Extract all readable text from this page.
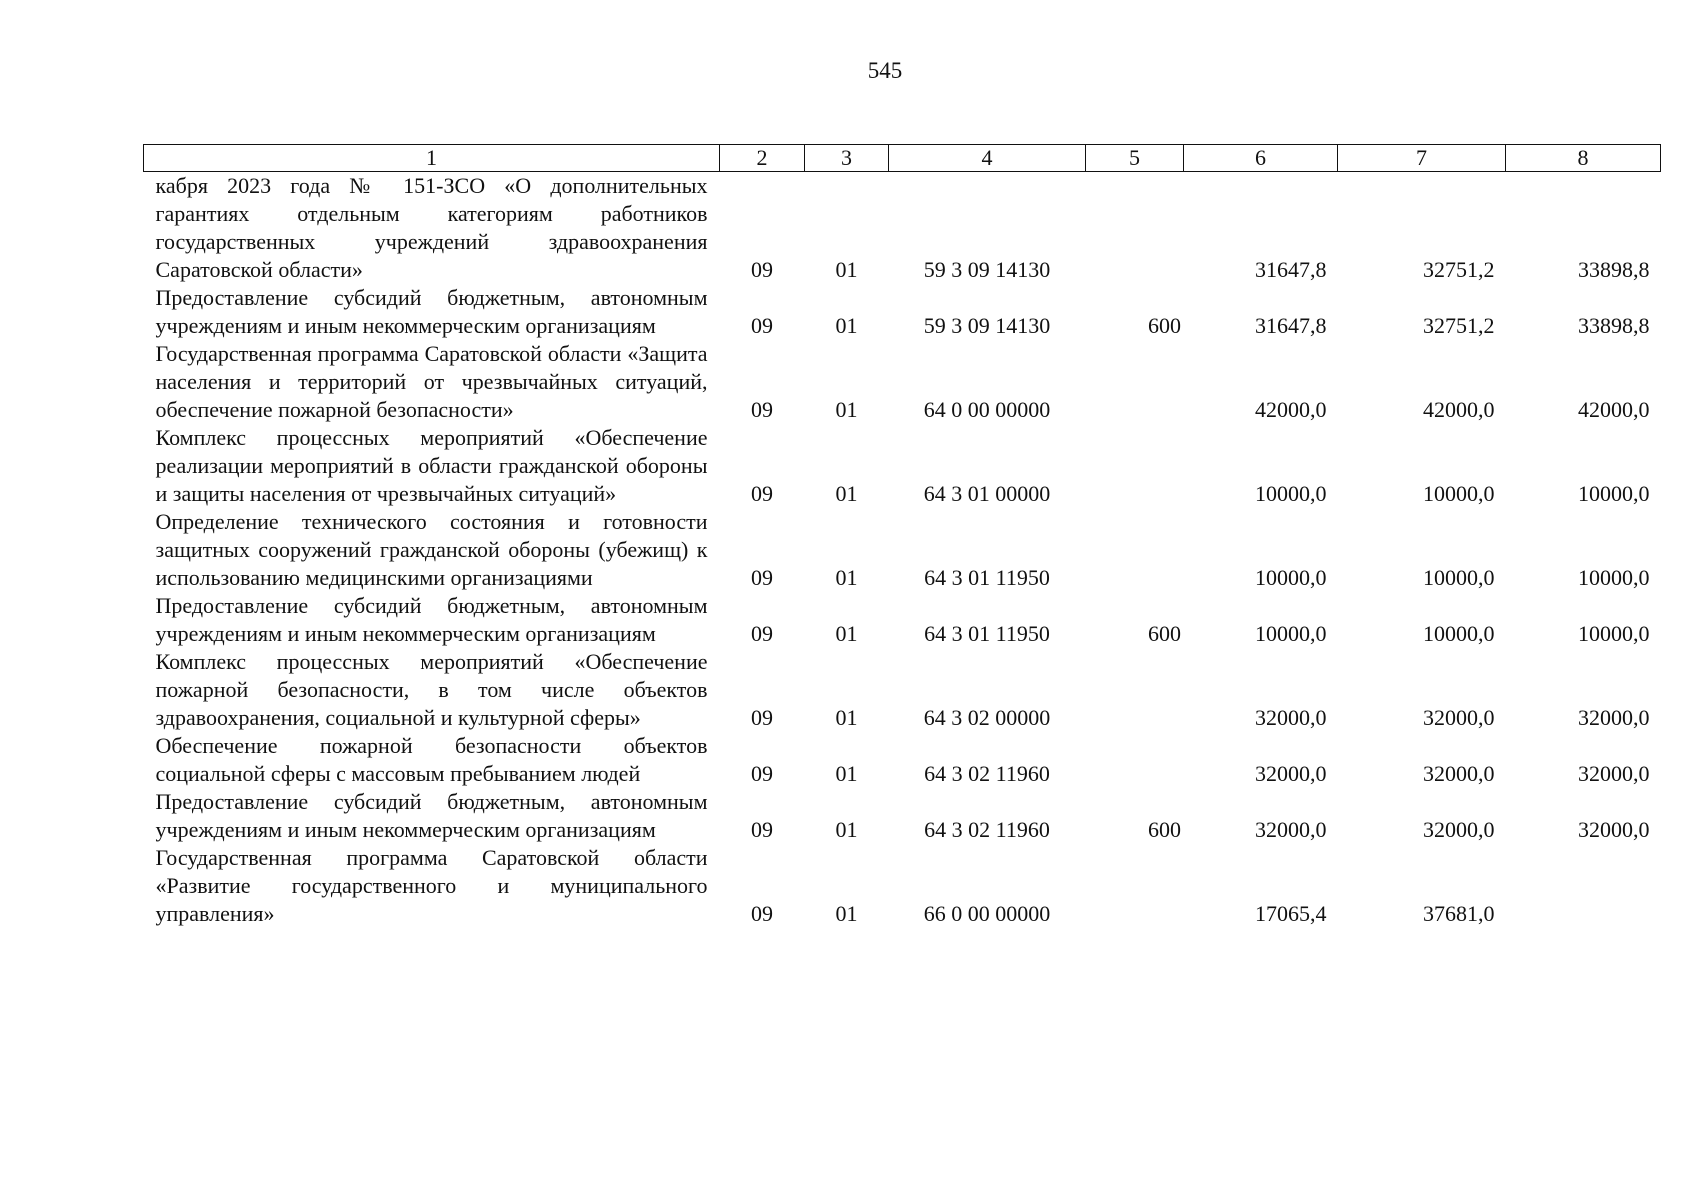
545
1	2	3	4	5	6	7	8
кабря 2023 года № 151-ЗСО «О дополнительных гарантиях отдельным категориям работников государственных учреждений здравоохранения Саратовской области»	09	01	59 3 09 14130		31647,8	32751,2	33898,8
Предоставление субсидий бюджетным, автономным учреждениям и иным некоммерческим организациям	09	01	59 3 09 14130	600	31647,8	32751,2	33898,8
Государственная программа Саратовской области «Защита населения и территорий от чрезвычайных ситуаций, обеспечение пожарной безопасности»	09	01	64 0 00 00000		42000,0	42000,0	42000,0
Комплекс процессных мероприятий «Обеспечение реализации мероприятий в области гражданской обороны и защиты населения от чрезвычайных ситуаций»	09	01	64 3 01 00000		10000,0	10000,0	10000,0
Определение технического состояния и готовности защитных сооружений гражданской обороны (убежищ) к использованию медицинскими организациями	09	01	64 3 01 11950		10000,0	10000,0	10000,0
Предоставление субсидий бюджетным, автономным учреждениям и иным некоммерческим организациям	09	01	64 3 01 11950	600	10000,0	10000,0	10000,0
Комплекс процессных мероприятий «Обеспечение пожарной безопасности, в том числе объектов здравоохранения, социальной и культурной сферы»	09	01	64 3 02 00000		32000,0	32000,0	32000,0
Обеспечение пожарной безопасности объектов социальной сферы с массовым пребыванием людей	09	01	64 3 02 11960		32000,0	32000,0	32000,0
Предоставление субсидий бюджетным, автономным учреждениям и иным некоммерческим организациям	09	01	64 3 02 11960	600	32000,0	32000,0	32000,0
Государственная программа Саратовской области «Развитие государственного и муниципального управления»	09	01	66 0 00 00000		17065,4	37681,0	
